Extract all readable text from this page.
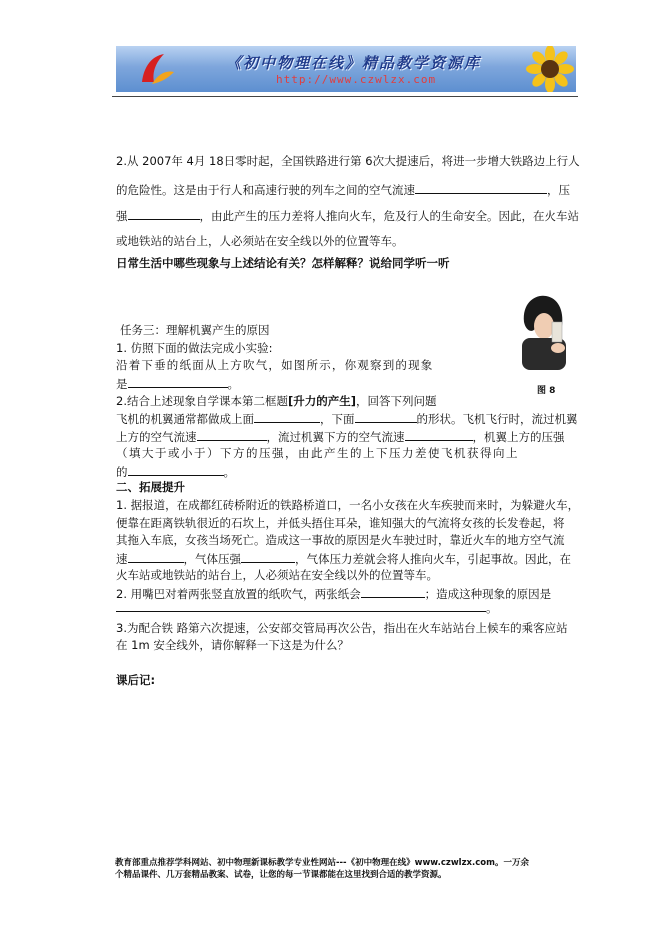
《初中物理在线》精品教学资源库
http://www.czwlzx.com
2.从 2007年 4月 18日零时起，全国铁路进行第 6次大提速后，将进一步增大铁路边上行人
的危险性。这是由于行人和高速行驶的列车之间的空气流速	，压
强	，由此产生的压力差将人推向火车，危及行人的生命安全。因此，在火车站
或地铁站的站台上，人必须站在安全线以外的位置等车。
日常生活中哪些现象与上述结论有关？怎样解释？说给同学听一听
任务三：理解机翼产生的原因
1. 仿照下面的做法完成小实验:
沿着下垂的纸面从上方吹气，如图所示，你观察到的现象
是	。	图 8
2.结合上述现象自学课本第二框题[升力的产生]，回答下列问题
飞机的机翼通常都做成上面	，下面	的形状。飞机飞行时，流过机翼
上方的空气流速	，流过机翼下方的空气流速	，机翼上方的压强
（填大于或小于）下方的压强，由此产生的上下压力差使飞机获得向上
的	。
二、拓展提升
1. 据报道，在成都红砖桥附近的铁路桥道口，一名小女孩在火车疾驶而来时，为躲避火车，
便靠在距离铁轨很近的石坎上，并低头捂住耳朵，谁知强大的气流将女孩的长发卷起，将
其拖入车底，女孩当场死亡。造成这一事故的原因是火车驶过时，靠近火车的地方空气流
速	，气体压强	，气体压力差就会将人推向火车，引起事故。因此，在
火车站或地铁站的站台上，人必须站在安全线以外的位置等车。
2. 用嘴巴对着两张竖直放置的纸吹气，两张纸会	；造成这种现象的原因是
。
3.为配合铁 路第六次提速，公安部交管局再次公告，指出在火车站站台上候车的乘客应站
在 1m 安全线外，请你解释一下这是为什么？
课后记:
教育部重点推荐学科网站、初中物理新课标教学专业性网站---《初中物理在线》www.czwlzx.com。一万余
个精品课件、几万套精品教案、试卷，让您的每一节课都能在这里找到合适的教学资源。
